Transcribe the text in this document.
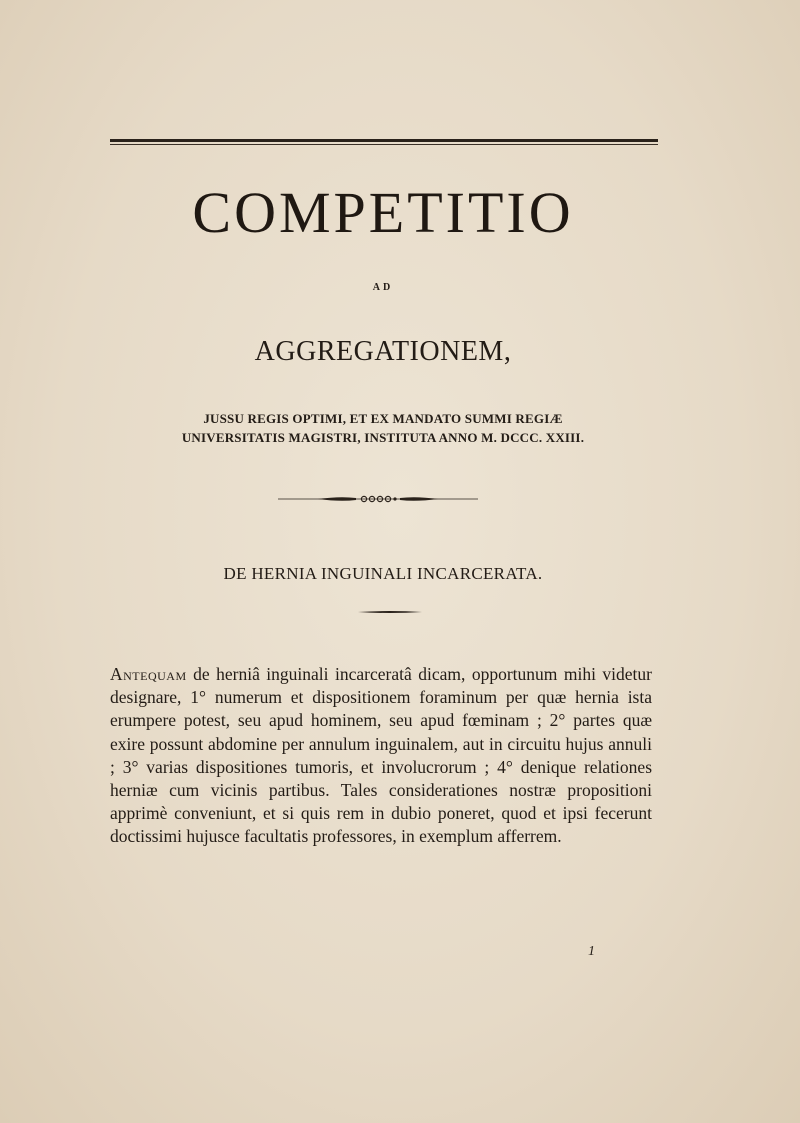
COMPETITIO
AD
AGGREGATIONEM,
JUSSU REGIS OPTIMI, ET EX MANDATO SUMMI REGIÆ
UNIVERSITATIS MAGISTRI, INSTITUTA ANNO M. DCCC. XXIII.
DE HERNIA INGUINALI INCARCERATA.

Antequam de herniâ inguinali incarceratâ dicam, opportunum mihi videtur designare, 1° numerum et dispositionem foraminum per quæ hernia ista erumpere potest, seu apud hominem, seu apud fœminam ; 2° partes quæ exire possunt abdomine per annulum inguinalem, aut in circuitu hujus annuli ; 3° varias dispositiones tumoris, et involucrorum ; 4° denique relationes herniæ cum vicinis partibus. Tales considerationes nostræ propositioni apprimè conveniunt, et si quis rem in dubio poneret, quod et ipsi fecerunt doctissimi hujusce facultatis professores, in exemplum afferrem.

1
